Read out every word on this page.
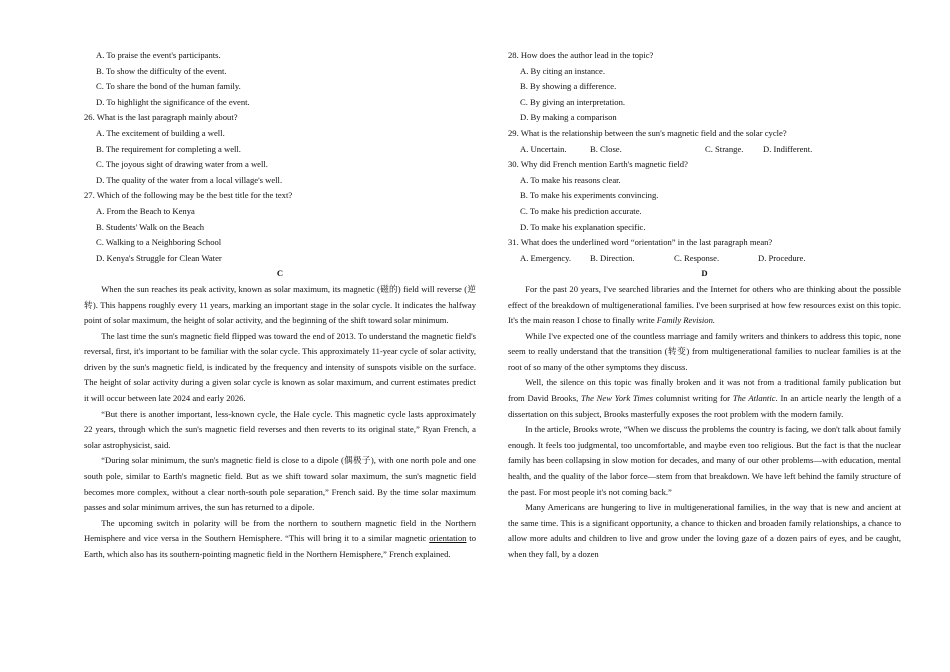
A. To praise the event's participants.
B. To show the difficulty of the event.
C. To share the bond of the human family.
D. To highlight the significance of the event.
26. What is the last paragraph mainly about?
A. The excitement of building a well.
B. The requirement for completing a well.
C. The joyous sight of drawing water from a well.
D. The quality of the water from a local village's well.
27. Which of the following may be the best title for the text?
A. From the Beach to Kenya
B. Students' Walk on the Beach
C. Walking to a Neighboring School
D. Kenya's Struggle for Clean Water
C

When the sun reaches its peak activity, known as solar maximum, its magnetic (磁的) field will reverse (逆转). This happens roughly every 11 years, marking an important stage in the solar cycle. It indicates the halfway point of solar maximum, the height of solar activity, and the beginning of the shift toward solar minimum.

The last time the sun's magnetic field flipped was toward the end of 2013. To understand the magnetic field's reversal, first, it's important to be familiar with the solar cycle. This approximately 11-year cycle of solar activity, driven by the sun's magnetic field, is indicated by the frequency and intensity of sunspots visible on the surface. The height of solar activity during a given solar cycle is known as solar maximum, and current estimates predict it will occur between late 2024 and early 2026.

“But there is another important, less-known cycle, the Hale cycle. This magnetic cycle lasts approximately 22 years, through which the sun's magnetic field reverses and then reverts to its original state,” Ryan French, a solar astrophysicist, said.

“During solar minimum, the sun's magnetic field is close to a dipole (偶极子), with one north pole and one south pole, similar to Earth's magnetic field. But as we shift toward solar maximum, the sun's magnetic field becomes more complex, without a clear north-south pole separation,” French said. By the time solar maximum passes and solar minimum arrives, the sun has returned to a dipole.

The upcoming switch in polarity will be from the northern to southern magnetic field in the Northern Hemisphere and vice versa in the Southern Hemisphere. “This will bring it to a similar magnetic orientation to Earth, which also has its southern-pointing magnetic field in the Northern Hemisphere,” French explained.

28. How does the author lead in the topic?
A. By citing an instance.
B. By showing a difference.
C. By giving an interpretation.
D. By making a comparison
29. What is the relationship between the sun's magnetic field and the solar cycle?
A. Uncertain.	B. Close.	C. Strange. D. Indifferent.
30. Why did French mention Earth's magnetic field?
A. To make his reasons clear.
B. To make his experiments convincing.
C. To make his prediction accurate.
D. To make his explanation specific.
31. What does the underlined word “orientation” in the last paragraph mean?
A. Emergency. B. Direction.	C. Response.	D. Procedure.
D

For the past 20 years, I've searched libraries and the Internet for others who are thinking about the possible effect of the breakdown of multigenerational families. I've been surprised at how few resources exist on this topic. It's the main reason I chose to finally write Family Revision.

While I've expected one of the countless marriage and family writers and thinkers to address this topic, none seem to really understand that the transition (转变) from multigenerational families to nuclear families is at the root of so many of the other symptoms they discuss.

Well, the silence on this topic was finally broken and it was not from a traditional family publication but from David Brooks, The New York Times columnist writing for The Atlantic. In an article nearly the length of a dissertation on this subject, Brooks masterfully exposes the root problem with the modern family.

In the article, Brooks wrote, “When we discuss the problems the country is facing, we don't talk about family enough. It feels too judgmental, too uncomfortable, and maybe even too religious. But the fact is that the nuclear family has been collapsing in slow motion for decades, and many of our other problems—with education, mental health, and the quality of the labor force—stem from that breakdown. We have left behind the family structure of the past. For most people it's not coming back.”

Many Americans are hungering to live in multigenerational families, in the way that is new and ancient at the same time. This is a significant opportunity, a chance to thicken and broaden family relationships, a chance to allow more adults and children to live and grow under the loving gaze of a dozen pairs of eyes, and be caught, when they fall, by a dozen
